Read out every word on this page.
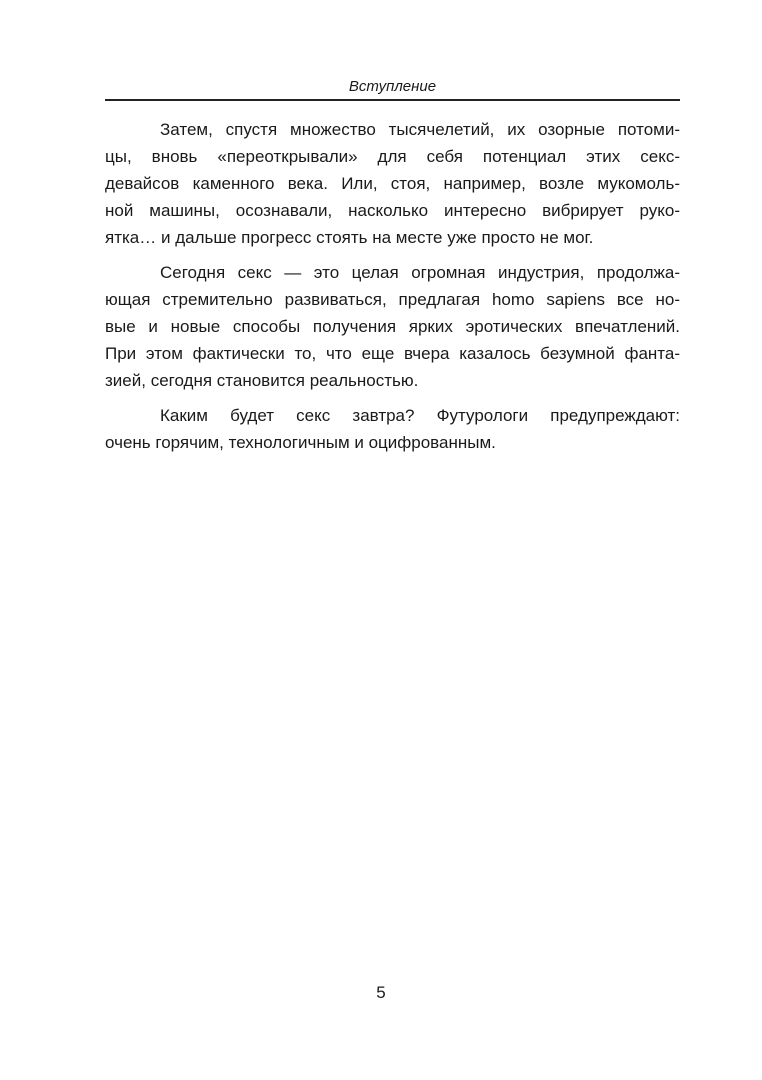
Вступление
Затем, спустя множество тысячелетий, их озорные потоми-
цы, вновь «переоткрывали» для себя потенциал этих секс-
девайсов каменного века. Или, стоя, например, возле мукомоль-
ной машины, осознавали, насколько интересно вибрирует руко-
ятка… и дальше прогресс стоять на месте уже просто не мог.
Сегодня секс — это целая огромная индустрия, продолжа-
ющая стремительно развиваться, предлагая homo sapiens все но-
вые и новые способы получения ярких эротических впечатлений.
При этом фактически то, что еще вчера казалось безумной фанта-
зией, сегодня становится реальностью.
Каким будет секс завтра? Футурологи предупреждают:
очень горячим, технологичным и оцифрованным.
5
